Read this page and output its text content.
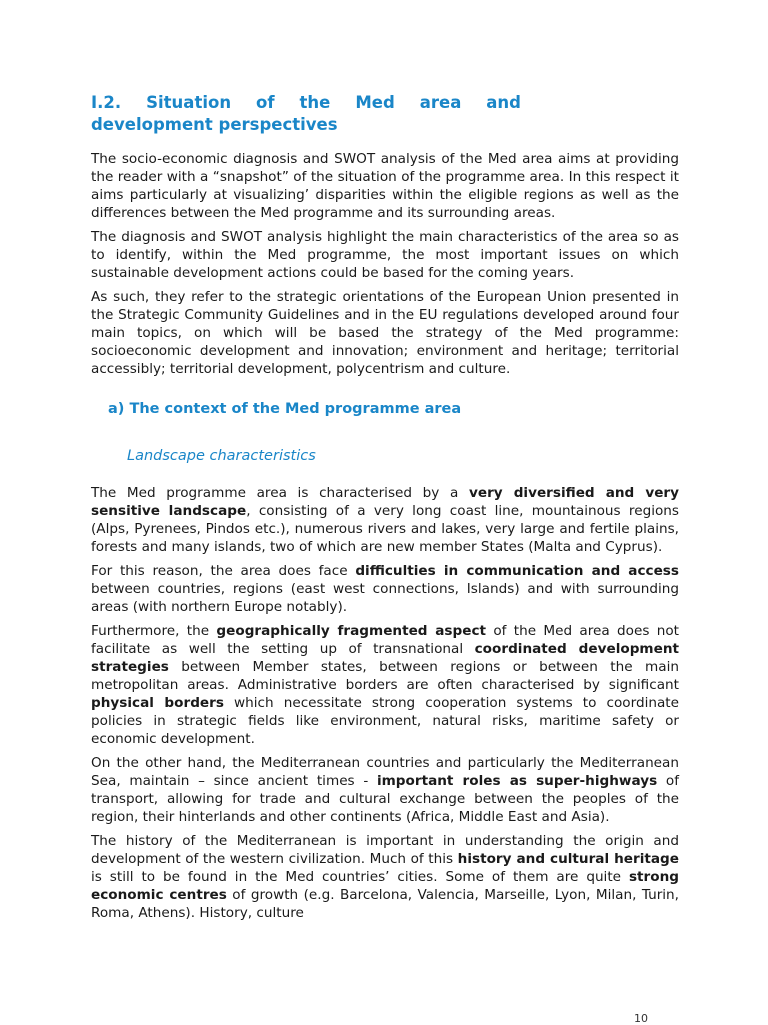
I.2. Situation of the Med area and development perspectives

The socio-economic diagnosis and SWOT analysis of the Med area aims at providing the reader with a “snapshot” of the situation of the programme area. In this respect it aims particularly at visualizing’ disparities within the eligible regions as well as the differences between the Med programme and its surrounding areas.

The diagnosis and SWOT analysis highlight the main characteristics of the area so as to identify, within the Med programme, the most important issues on which sustainable development actions could be based for the coming years.

As such, they refer to the strategic orientations of the European Union presented in the Strategic Community Guidelines and in the EU regulations developed around four main topics, on which will be based the strategy of the Med programme: socioeconomic development and innovation; environment and heritage; territorial accessibly; territorial development, polycentrism and culture.

a) The context of the Med programme area
Landscape characteristics

The Med programme area is characterised by a very diversified and very sensitive landscape, consisting of a very long coast line, mountainous regions (Alps, Pyrenees, Pindos etc.), numerous rivers and lakes, very large and fertile plains, forests and many islands, two of which are new member States (Malta and Cyprus).

For this reason, the area does face difficulties in communication and access between countries, regions (east west connections, Islands) and with surrounding areas (with northern Europe notably).

Furthermore, the geographically fragmented aspect of the Med area does not facilitate as well the setting up of transnational coordinated development strategies between Member states, between regions or between the main metropolitan areas. Administrative borders are often characterised by significant physical borders which necessitate strong cooperation systems to coordinate policies in strategic fields like environment, natural risks, maritime safety or economic development.

On the other hand, the Mediterranean countries and particularly the Mediterranean Sea, maintain – since ancient times - important roles as super-highways of transport, allowing for trade and cultural exchange between the peoples of the region, their hinterlands and other continents (Africa, Middle East and Asia).

The history of the Mediterranean is important in understanding the origin and development of the western civilization. Much of this history and cultural heritage is still to be found in the Med countries’ cities. Some of them are quite strong economic centres of growth (e.g. Barcelona, Valencia, Marseille, Lyon, Milan, Turin, Roma, Athens). History, culture

10
